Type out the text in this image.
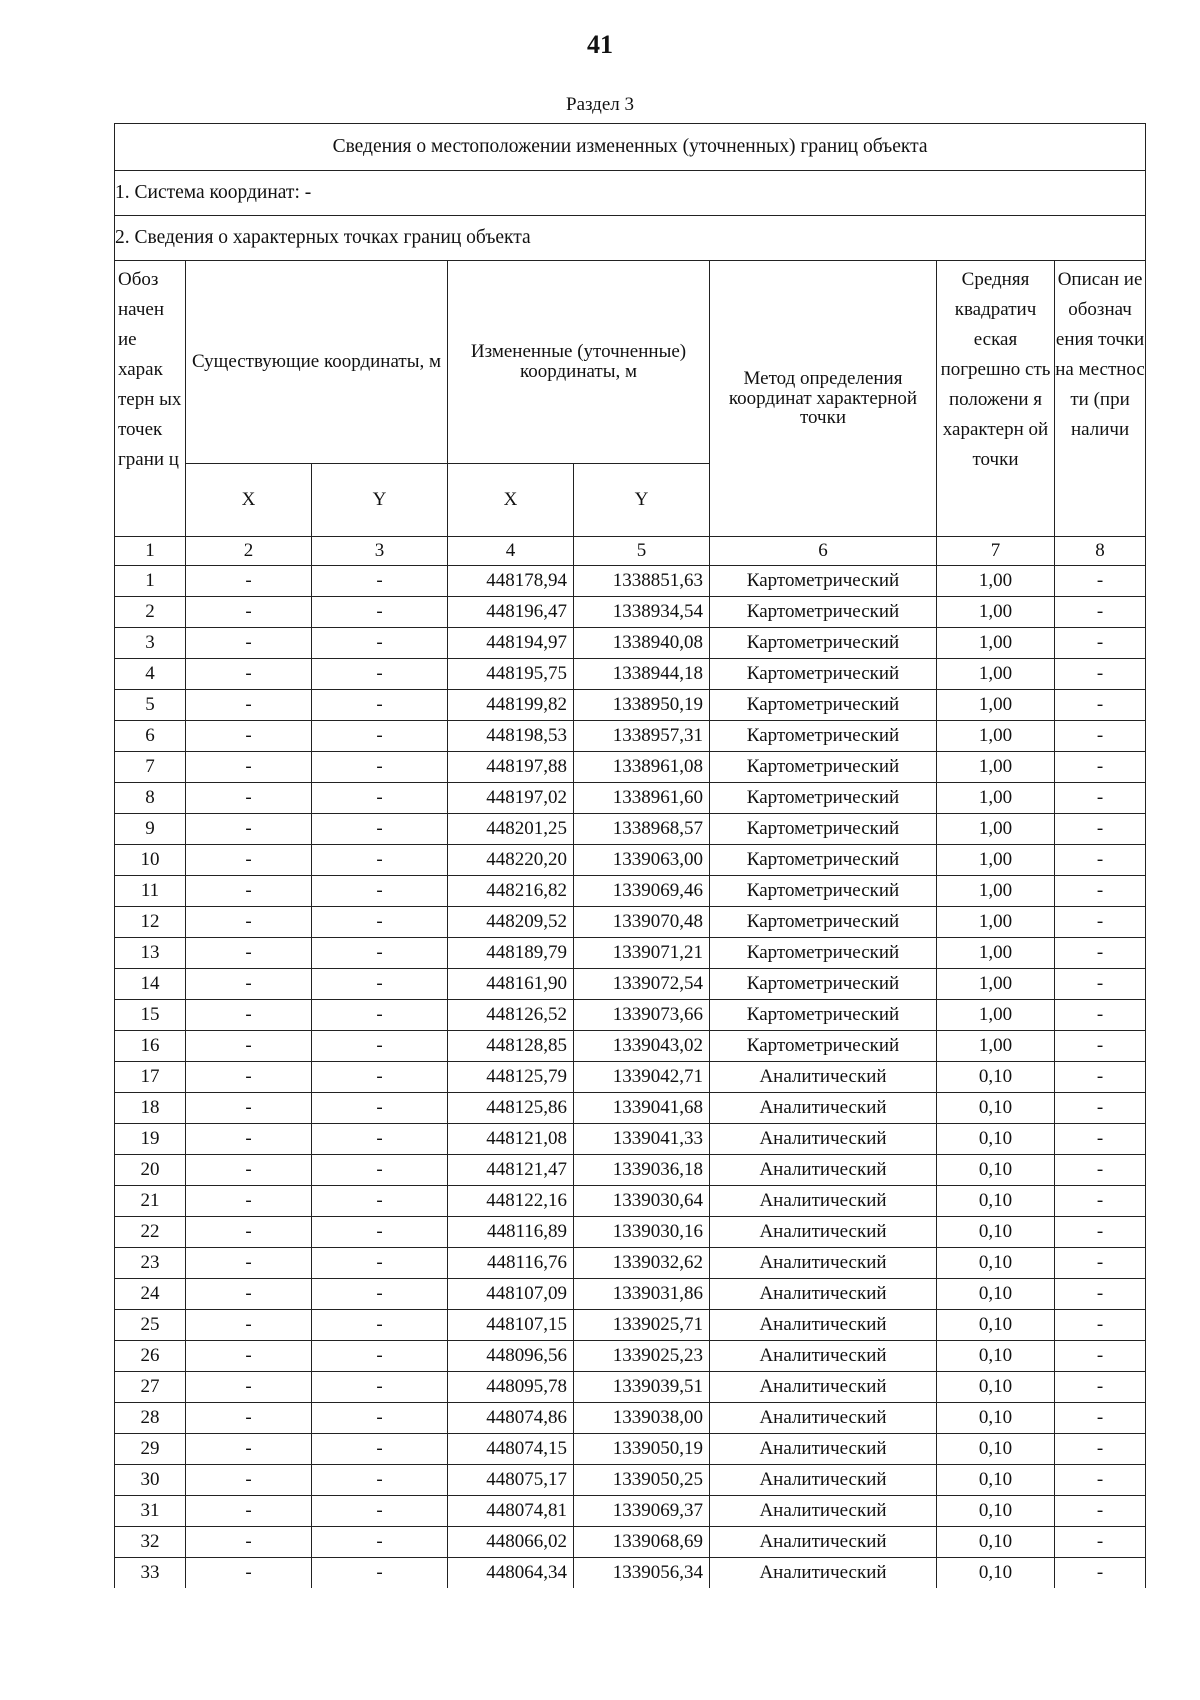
41
Раздел 3
Сведения о местоположении измененных (уточненных) границ объекта							
1. Система координат: -							
2. Сведения о характерных точках границ объекта							
Обоз начен ие харак терн ых точек грани ц	Существующие координаты, м		Измененные (уточненные) координаты, м		Метод определения координат характерной точки	Средняя квадратич еская погрешно сть положени я характерн ой точки	Описан ие обознач ения точки на местнос ти (при наличи
	X	Y	X	Y			
1	2	3	4	5	6	7	8
1	-	-	448178,94	1338851,63	Картометрический	1,00	-
2	-	-	448196,47	1338934,54	Картометрический	1,00	-
3	-	-	448194,97	1338940,08	Картометрический	1,00	-
4	-	-	448195,75	1338944,18	Картометрический	1,00	-
5	-	-	448199,82	1338950,19	Картометрический	1,00	-
6	-	-	448198,53	1338957,31	Картометрический	1,00	-
7	-	-	448197,88	1338961,08	Картометрический	1,00	-
8	-	-	448197,02	1338961,60	Картометрический	1,00	-
9	-	-	448201,25	1338968,57	Картометрический	1,00	-
10	-	-	448220,20	1339063,00	Картометрический	1,00	-
11	-	-	448216,82	1339069,46	Картометрический	1,00	-
12	-	-	448209,52	1339070,48	Картометрический	1,00	-
13	-	-	448189,79	1339071,21	Картометрический	1,00	-
14	-	-	448161,90	1339072,54	Картометрический	1,00	-
15	-	-	448126,52	1339073,66	Картометрический	1,00	-
16	-	-	448128,85	1339043,02	Картометрический	1,00	-
17	-	-	448125,79	1339042,71	Аналитический	0,10	-
18	-	-	448125,86	1339041,68	Аналитический	0,10	-
19	-	-	448121,08	1339041,33	Аналитический	0,10	-
20	-	-	448121,47	1339036,18	Аналитический	0,10	-
21	-	-	448122,16	1339030,64	Аналитический	0,10	-
22	-	-	448116,89	1339030,16	Аналитический	0,10	-
23	-	-	448116,76	1339032,62	Аналитический	0,10	-
24	-	-	448107,09	1339031,86	Аналитический	0,10	-
25	-	-	448107,15	1339025,71	Аналитический	0,10	-
26	-	-	448096,56	1339025,23	Аналитический	0,10	-
27	-	-	448095,78	1339039,51	Аналитический	0,10	-
28	-	-	448074,86	1339038,00	Аналитический	0,10	-
29	-	-	448074,15	1339050,19	Аналитический	0,10	-
30	-	-	448075,17	1339050,25	Аналитический	0,10	-
31	-	-	448074,81	1339069,37	Аналитический	0,10	-
32	-	-	448066,02	1339068,69	Аналитический	0,10	-
33	-	-	448064,34	1339056,34	Аналитический	0,10	-
